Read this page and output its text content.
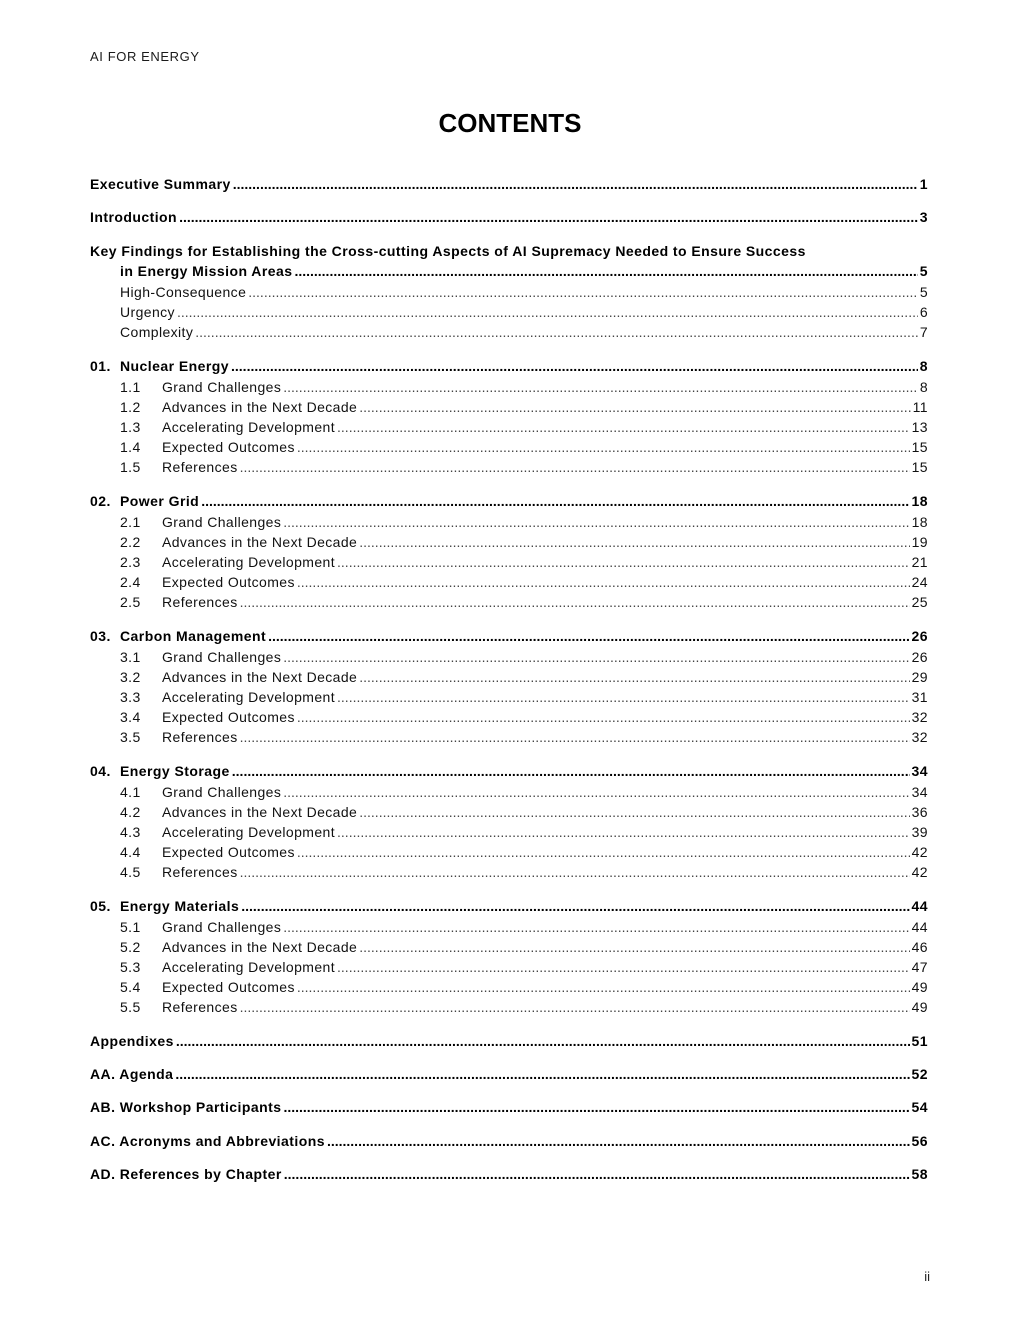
AI FOR ENERGY
CONTENTS
Executive Summary .....	1
Introduction .....	3
Key Findings for Establishing the Cross-cutting Aspects of AI Supremacy Needed to Ensure Success
in Energy Mission Areas .....	5
High-Consequence .....	5
Urgency .....	6
Complexity .....	7
01. Nuclear Energy .....	8
1.1	Grand Challenges .....	8
1.2	Advances in the Next Decade .....	11
1.3	Accelerating Development .....	13
1.4	Expected Outcomes .....	15
1.5	References .....	15
02. Power Grid .....	18
2.1	Grand Challenges .....	18
2.2	Advances in the Next Decade .....	19
2.3	Accelerating Development .....	21
2.4	Expected Outcomes .....	24
2.5	References .....	25
03. Carbon Management .....	26
3.1	Grand Challenges .....	26
3.2	Advances in the Next Decade .....	29
3.3	Accelerating Development .....	31
3.4	Expected Outcomes .....	32
3.5	References .....	32
04. Energy Storage .....	34
4.1	Grand Challenges .....	34
4.2	Advances in the Next Decade .....	36
4.3	Accelerating Development .....	39
4.4	Expected Outcomes .....	42
4.5	References .....	42
05. Energy Materials .....	44
5.1	Grand Challenges .....	44
5.2	Advances in the Next Decade .....	46
5.3	Accelerating Development .....	47
5.4	Expected Outcomes .....	49
5.5	References .....	49
Appendixes .....	51
AA. Agenda .....	52
AB. Workshop Participants .....	54
AC. Acronyms and Abbreviations .....	56
AD. References by Chapter .....	58
ii
